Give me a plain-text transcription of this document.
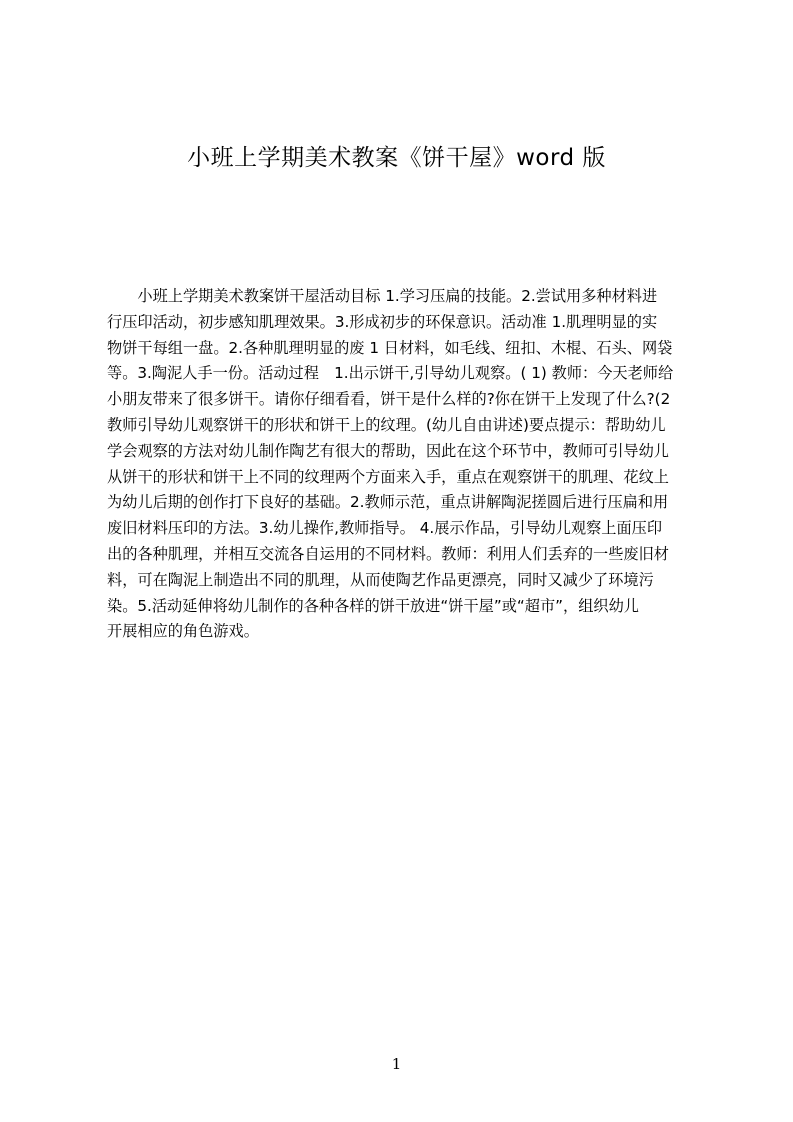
小班上学期美术教案《饼干屋》word 版
　　小班上学期美术教案饼干屋活动目标 1.学习压扁的技能。2.尝试用多种材料进
行压印活动，初步感知肌理效果。3.形成初步的环保意识。活动准 1.肌理明显的实
物饼干每组一盘。2.各种肌理明显的废 1 日材料，如毛线、纽扣、木棍、石头、网袋
等。3.陶泥人手一份。活动过程　1.出示饼干,引导幼儿观察。( 1) 教师：今天老师给
小朋友带来了很多饼干。请你仔细看看，饼干是什么样的?你在饼干上发现了什么?(2
教师引导幼儿观察饼干的形状和饼干上的纹理。(幼儿自由讲述)要点提示：帮助幼儿
学会观察的方法对幼儿制作陶艺有很大的帮助，因此在这个环节中，教师可引导幼儿
从饼干的形状和饼干上不同的纹理两个方面来入手，重点在观察饼干的肌理、花纹上
为幼儿后期的创作打下良好的基础。2.教师示范，重点讲解陶泥搓圆后进行压扁和用
废旧材料压印的方法。3.幼儿操作,教师指导。 4.展示作品，引导幼儿观察上面压印
出的各种肌理，并相互交流各自运用的不同材料。教师：利用人们丢弃的一些废旧材
料，可在陶泥上制造出不同的肌理，从而使陶艺作品更漂亮，同时又减少了环境污
染。5.活动延伸将幼儿制作的各种各样的饼干放进“饼干屋”或“超市”，组织幼儿
开展相应的角色游戏。
1
